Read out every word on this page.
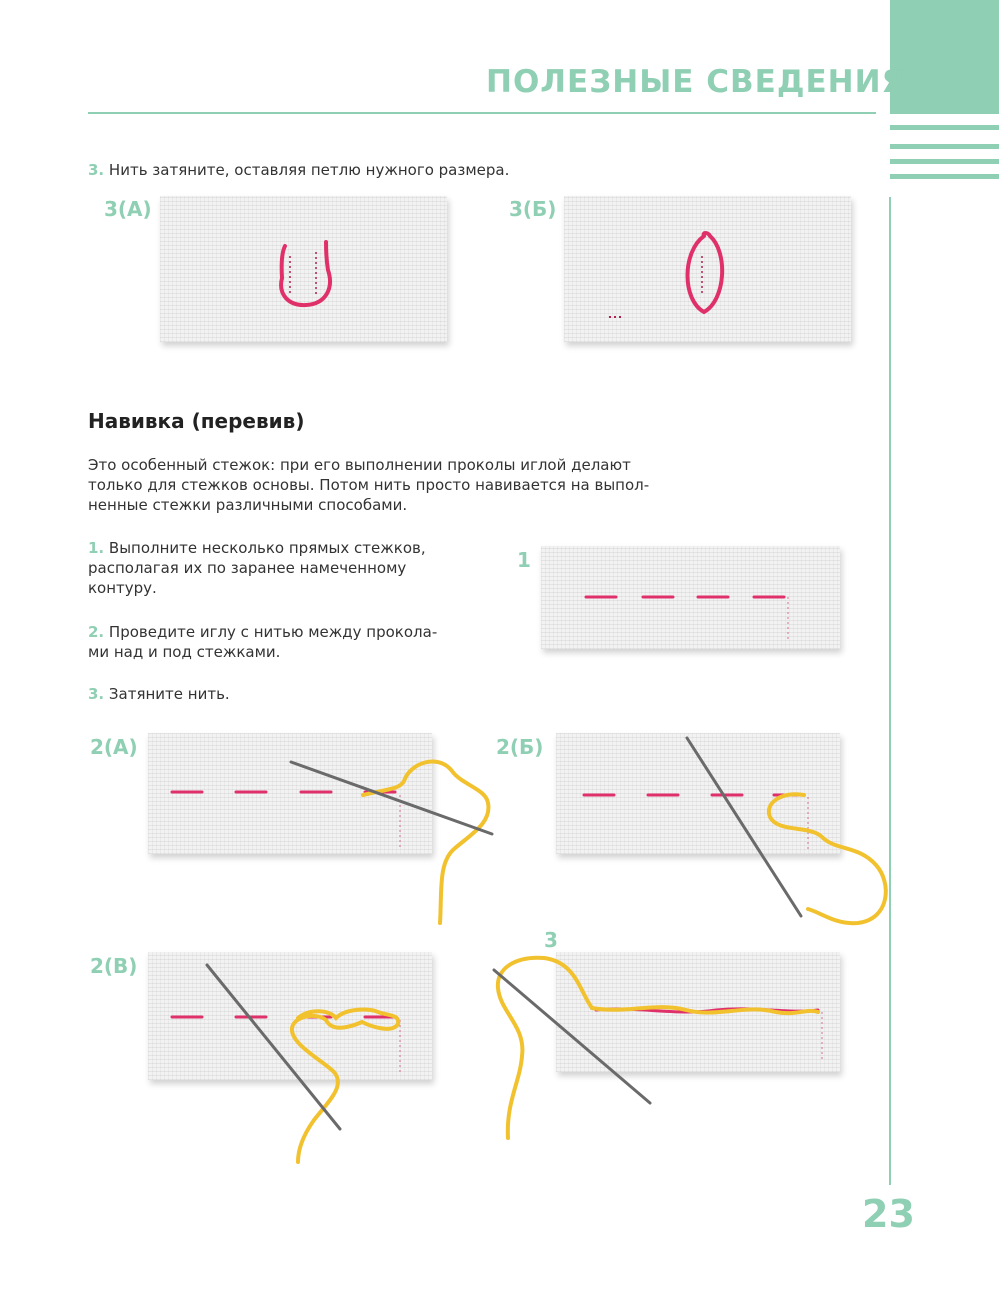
ПОЛЕЗНЫЕ СВЕДЕНИЯ
3. Нить затяните, оставляя петлю нужного размера.
3(А)	3(Б)
Навивка (перевив)
Это особенный стежок: при его выполнении проколы иглой делают
только для стежков основы. Потом нить просто навивается на выпол-
ненные стежки различными способами.
1. Выполните несколько прямых стежков,
располагая их по заранее намеченному
контуру.
2. Проведите иглу с нитью между прокола-
ми над и под стежками.
3. Затяните нить.
1
2(А)	2(Б)
2(В)
3
23
